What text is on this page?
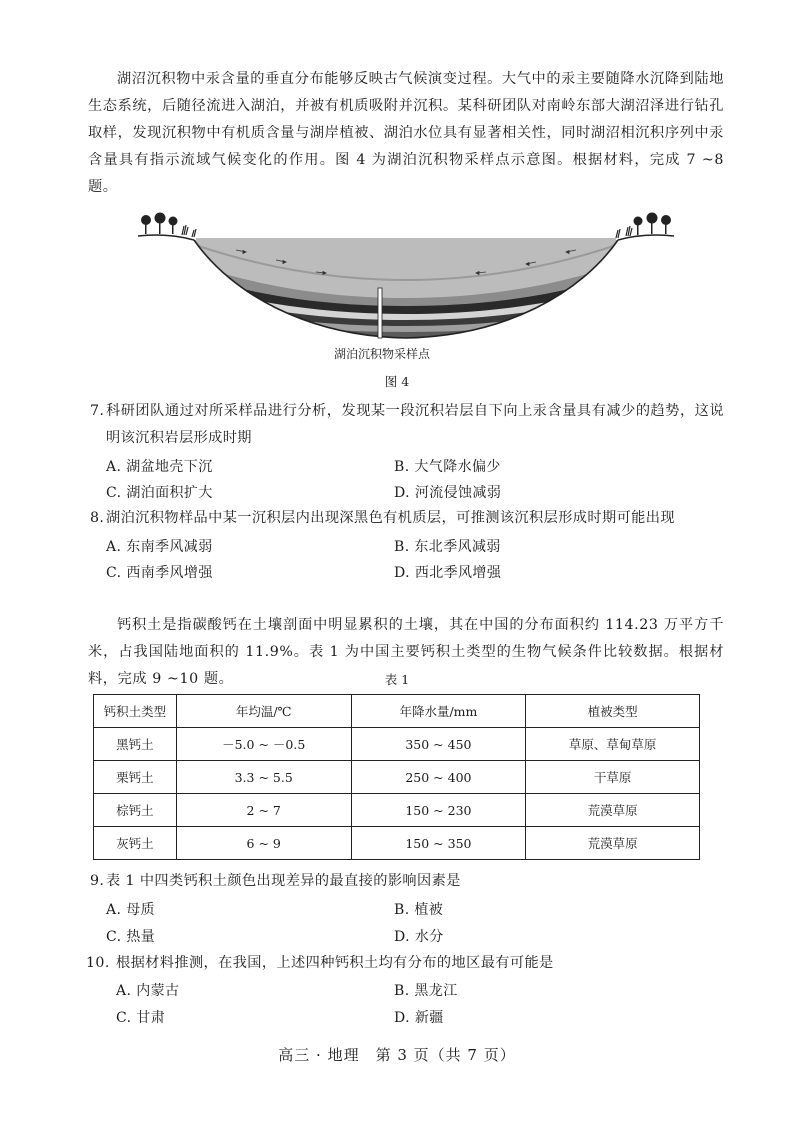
湖沼沉积物中汞含量的垂直分布能够反映古气候演变过程。大气中的汞主要随降水沉降到陆地生态系统，后随径流进入湖泊，并被有机质吸附并沉积。某科研团队对南岭东部大湖沼泽进行钻孔取样，发现沉积物中有机质含量与湖岸植被、湖泊水位具有显著相关性，同时湖沼相沉积序列中汞含量具有指示流域气候变化的作用。图 4 为湖泊沉积物采样点示意图。根据材料，完成 7 ~8 题。
湖泊沉积物采样点
图 4
7. 科研团队通过对所采样品进行分析，发现某一段沉积岩层自下向上汞含量具有减少的趋势，这说明该沉积岩层形成时期
A. 湖盆地壳下沉	B. 大气降水偏少
C. 湖泊面积扩大	D. 河流侵蚀减弱
8. 湖泊沉积物样品中某一沉积层内出现深黑色有机质层，可推测该沉积层形成时期可能出现
A. 东南季风减弱	B. 东北季风减弱
C. 西南季风增强	D. 西北季风增强
钙积土是指碳酸钙在土壤剖面中明显累积的土壤，其在中国的分布面积约 114.23 万平方千米，占我国陆地面积的 11.9%。表 1 为中国主要钙积土类型的生物气候条件比较数据。根据材料，完成 9 ~10 题。	表 1
钙积土类型	年均温/℃	年降水量/mm	植被类型
黑钙土	－5.0 ~ －0.5	350 ~ 450	草原、草甸草原
栗钙土	3.3 ~ 5.5	250 ~ 400	干草原
棕钙土	2 ~ 7	150 ~ 230	荒漠草原
灰钙土	6 ~ 9	150 ~ 350	荒漠草原
9. 表 1 中四类钙积土颜色出现差异的最直接的影响因素是
A. 母质	B. 植被
C. 热量	D. 水分
10. 根据材料推测，在我国，上述四种钙积土均有分布的地区最有可能是
A. 内蒙古	B. 黑龙江
C. 甘肃	D. 新疆
高三 · 地理　第 3 页（共 7 页）
